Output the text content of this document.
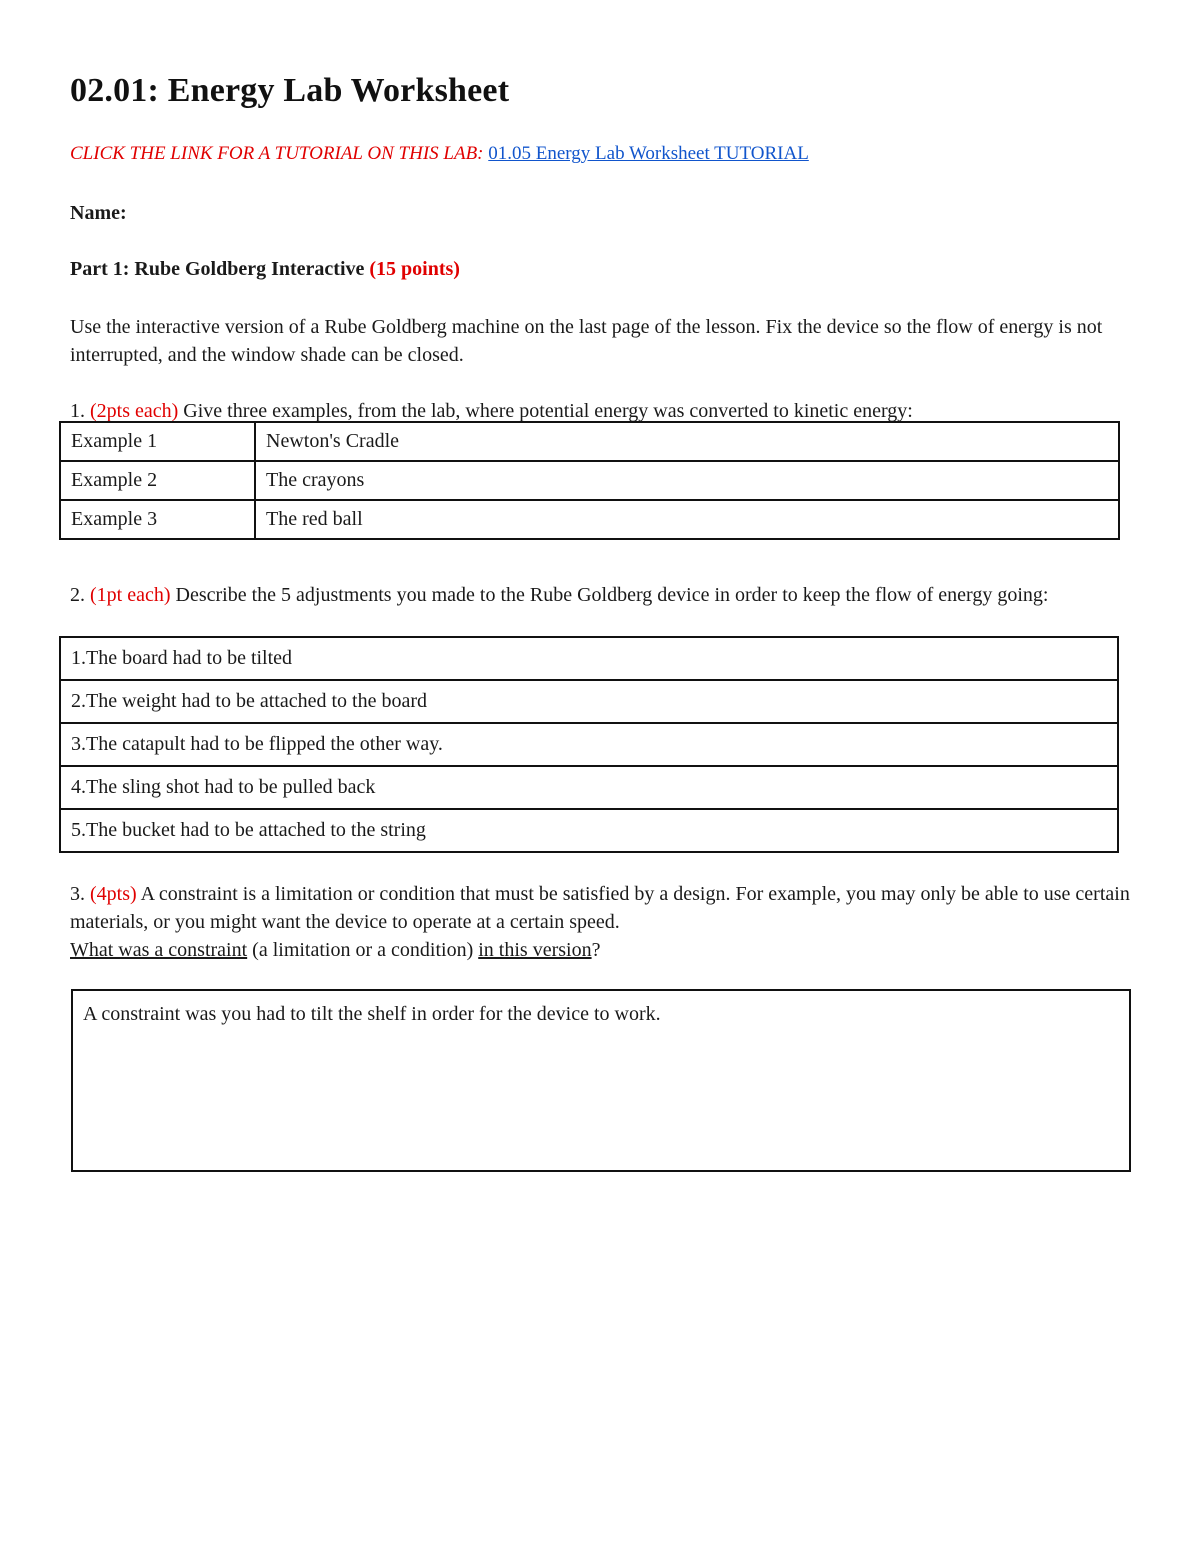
02.01: Energy Lab Worksheet
CLICK THE LINK FOR A TUTORIAL ON THIS LAB: 01.05 Energy Lab Worksheet TUTORIAL
Name:
Part 1: Rube Goldberg Interactive (15 points)
Use the interactive version of a Rube Goldberg machine on the last page of the lesson. Fix the device so the flow of energy is not interrupted, and the window shade can be closed.
1. (2pts each) Give three examples, from the lab, where potential energy was converted to kinetic energy:
Example 1	Newton's Cradle
Example 2	The crayons
Example 3	The red ball
2. (1pt each) Describe the 5 adjustments you made to the Rube Goldberg device in order to keep the flow of energy going:
1.The board had to be tilted
2.The weight had to be attached to the board
3.The catapult had to be flipped the other way.
4.The sling shot had to be pulled back
5.The bucket had to be attached to the string
3. (4pts) A constraint is a limitation or condition that must be satisfied by a design. For example, you may only be able to use certain materials, or you might want the device to operate at a certain speed.
What was a constraint (a limitation or a condition) in this version?
A constraint was you had to tilt the shelf in order for the device to work.
